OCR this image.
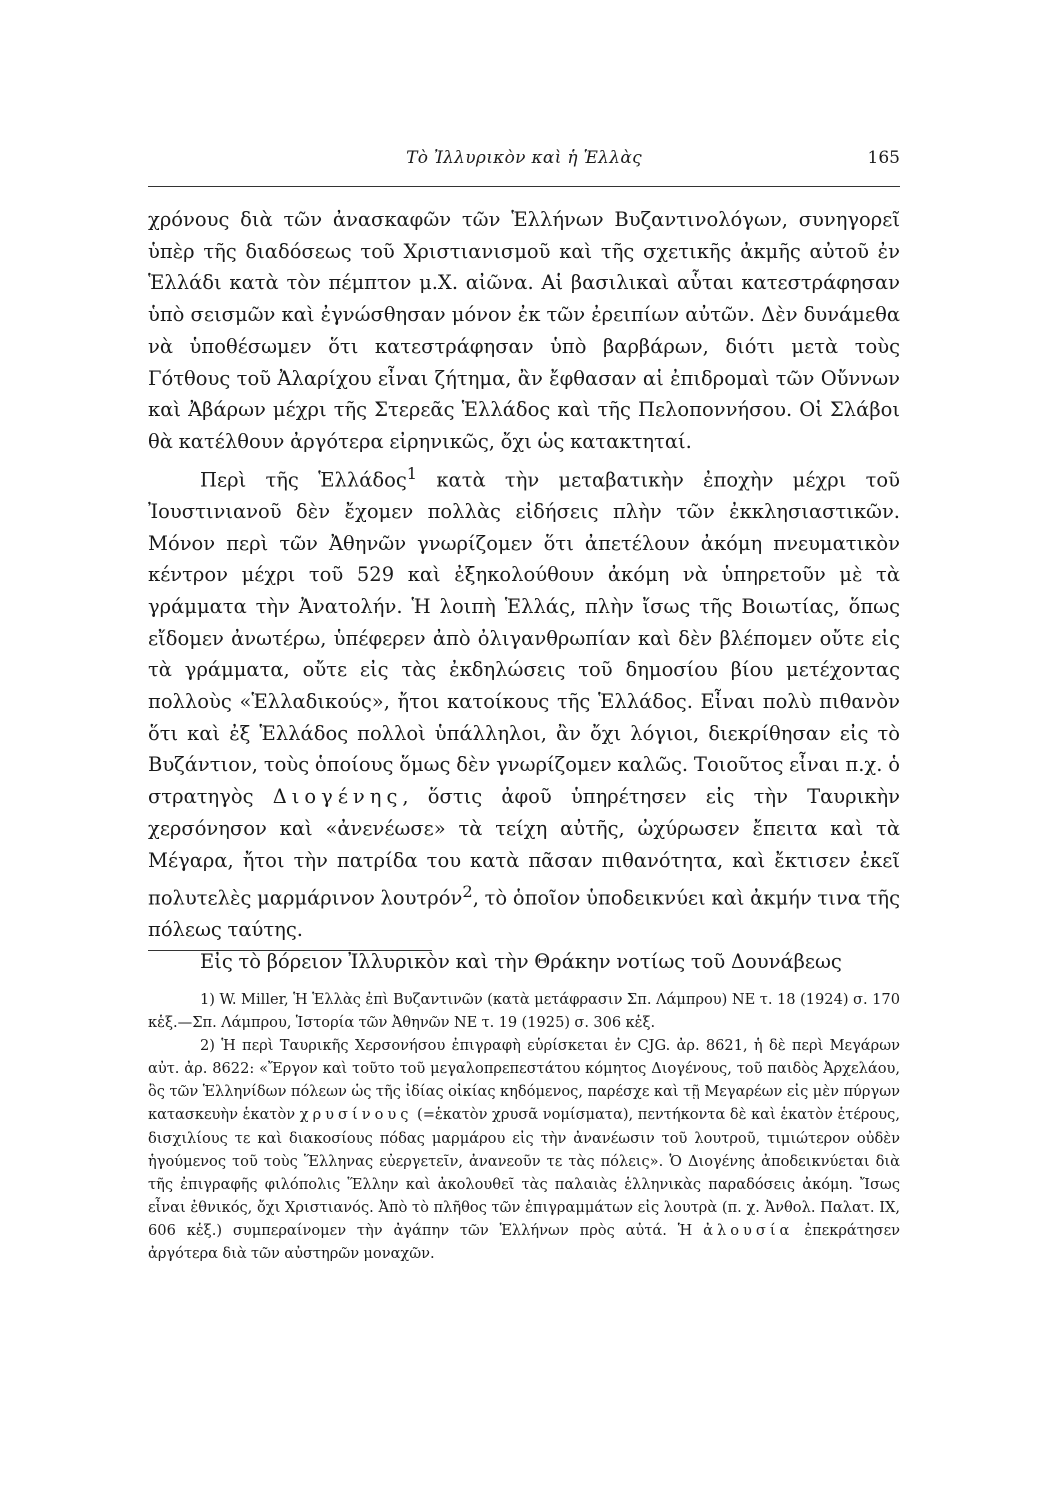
Τὸ Ἰλλυρικὸν καὶ ἡ Ἑλλὰς	165

χρόνους διὰ τῶν ἀνασκαφῶν τῶν Ἑλλήνων Βυζαντινολόγων, συνηγορεῖ ὑπὲρ τῆς διαδόσεως τοῦ Χριστιανισμοῦ καὶ τῆς σχετικῆς ἀκμῆς αὐτοῦ ἐν Ἑλλάδι κατὰ τὸν πέμπτον μ.Χ. αἰῶνα. Αἱ βασιλικαὶ αὗται κατεστράφησαν ὑπὸ σεισμῶν καὶ ἐγνώσθησαν μόνον ἐκ τῶν ἐρειπίων αὐτῶν. Δὲν δυνάμεθα νὰ ὑποθέσωμεν ὅτι κατεστράφησαν ὑπὸ βαρβάρων, διότι μετὰ τοὺς Γότθους τοῦ Ἀλαρίχου εἶναι ζήτημα, ἂν ἔφθασαν αἱ ἐπιδρομαὶ τῶν Οὔννων καὶ Ἀβάρων μέχρι τῆς Στερεᾶς Ἑλλάδος καὶ τῆς Πελοποννήσου. Οἱ Σλάβοι θὰ κατέλθουν ἀργότερα εἰρηνικῶς, ὄχι ὡς κατακτηταί.

Περὶ τῆς Ἑλλάδος$^1$ κατὰ τὴν μεταβατικὴν ἐποχὴν μέχρι τοῦ Ἰουστινιανοῦ δὲν ἔχομεν πολλὰς εἰδήσεις πλὴν τῶν ἐκκλησιαστικῶν. Μόνον περὶ τῶν Ἀθηνῶν γνωρίζομεν ὅτι ἀπετέλουν ἀκόμη πνευματικὸν κέντρον μέχρι τοῦ 529 καὶ ἐξηκολούθουν ἀκόμη νὰ ὑπηρετοῦν μὲ τὰ γράμματα τὴν Ἀνατολήν. Ἡ λοιπὴ Ἑλλάς, πλὴν ἴσως τῆς Βοιωτίας, ὅπως εἴδομεν ἀνωτέρω, ὑπέφερεν ἀπὸ ὀλιγανθρωπίαν καὶ δὲν βλέπομεν οὔτε εἰς τὰ γράμματα, οὔτε εἰς τὰς ἐκδηλώσεις τοῦ δημοσίου βίου μετέχοντας πολλοὺς «Ἑλλαδικούς», ἤτοι κατοίκους τῆς Ἑλλάδος. Εἶναι πολὺ πιθανὸν ὅτι καὶ ἐξ Ἑλλάδος πολλοὶ ὑπάλληλοι, ἂν ὄχι λόγιοι, διεκρίθησαν εἰς τὸ Βυζάντιον, τοὺς ὁποίους ὅμως δὲν γνωρίζομεν καλῶς. Τοιοῦτος εἶναι π.χ. ὁ στρατηγὸς Διογένης, ὅστις ἀφοῦ ὑπηρέτησεν εἰς τὴν Ταυρικὴν χερσόνησον καὶ «ἀνενέωσε» τὰ τείχη αὐτῆς, ὠχύρωσεν ἔπειτα καὶ τὰ Μέγαρα, ἤτοι τὴν πατρίδα του κατὰ πᾶσαν πιθανότητα, καὶ ἔκτισεν ἐκεῖ πολυτελὲς μαρμάρινον λουτρόν$^2$, τὸ ὁποῖον ὑποδεικνύει καὶ ἀκμήν τινα τῆς πόλεως ταύτης.

Εἰς τὸ βόρειον Ἰλλυρικὸν καὶ τὴν Θράκην νοτίως τοῦ Δουνάβεως

1) W. Miller, Ἡ Ἑλλὰς ἐπὶ Βυζαντινῶν (κατὰ μετάφρασιν Σπ. Λάμπρου) ΝΕ τ. 18 (1924) σ. 170 κἑξ.—Σπ. Λάμπρου, Ἱστορία τῶν Ἀθηνῶν ΝΕ τ. 19 (1925) σ. 306 κἑξ.

2) Ἡ περὶ Ταυρικῆς Χερσονήσου ἐπιγραφὴ εὑρίσκεται ἐν CJG. ἀρ. 8621, ἡ δὲ περὶ Μεγάρων αὐτ. ἀρ. 8622: «Ἔργον καὶ τοῦτο τοῦ μεγαλοπρεπεστάτου κόμητος Διογένους, τοῦ παιδὸς Ἀρχελάου, ὃς τῶν Ἑλληνίδων πόλεων ὡς τῆς ἰδίας οἰκίας κηδόμενος, παρέσχε καὶ τῇ Μεγαρέων εἰς μὲν πύργων κατασκευὴν ἑκατὸν χρυσίνους (=ἑκατὸν χρυσᾶ νομίσματα), πεντήκοντα δὲ καὶ ἑκατὸν ἑτέρους, δισχιλίους τε καὶ διακοσίους πόδας μαρμάρου εἰς τὴν ἀνανέωσιν τοῦ λουτροῦ, τιμιώτερον οὐδὲν ἡγούμενος τοῦ τοὺς Ἕλληνας εὐεργετεῖν, ἀνανεοῦν τε τὰς πόλεις». Ὁ Διογένης ἀποδεικνύεται διὰ τῆς ἐπιγραφῆς φιλόπολις Ἕλλην καὶ ἀκολουθεῖ τὰς παλαιὰς ἑλληνικὰς παραδόσεις ἀκόμη. Ἴσως εἶναι ἐθνικός, ὄχι Χριστιανός. Ἀπὸ τὸ πλῆθος τῶν ἐπιγραμμάτων εἰς λουτρὰ (π. χ. Ἀνθολ. Παλατ. IX, 606 κἑξ.) συμπεραίνομεν τὴν ἀγάπην τῶν Ἑλλήνων πρὸς αὐτά. Ἡ ἀλουσία ἐπεκράτησεν ἀργότερα διὰ τῶν αὐστηρῶν μοναχῶν.
